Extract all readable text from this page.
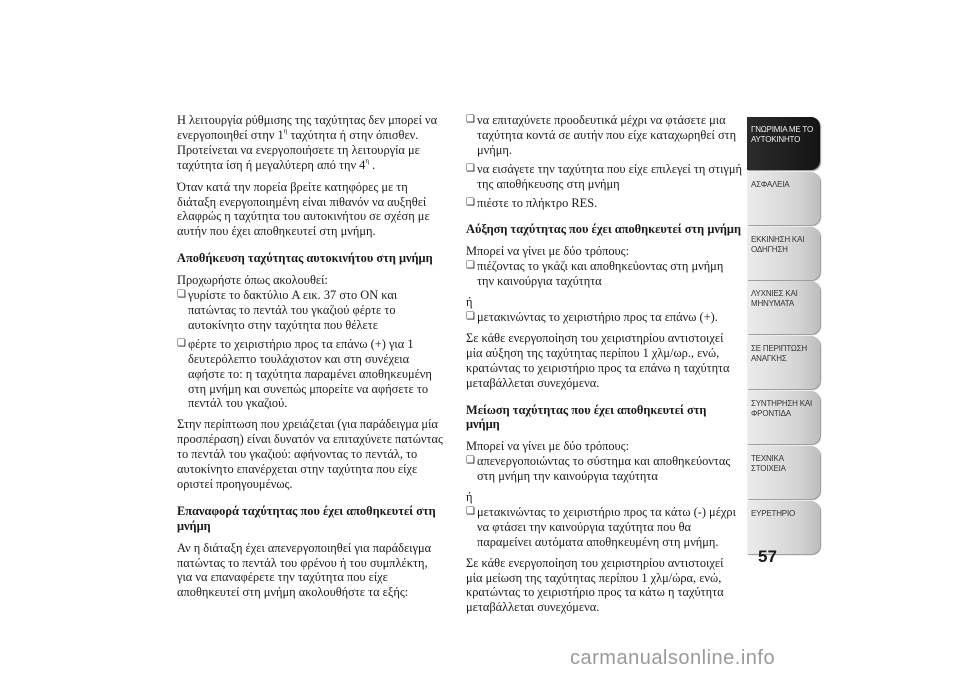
Η λειτουργία ρύθμισης της ταχύτητας δεν μπορεί να ενεργοποιηθεί στην $1^\eta$ ταχύτητα ή στην όπισθεν. Προτείνεται να ενεργοποιήσετε τη λειτουργία με ταχύτητα ίση ή μεγαλύτερη από την $4^\eta$ .

Όταν κατά την πορεία βρείτε κατηφόρες με τη διάταξη ενεργοποιημένη είναι πιθανόν να αυξηθεί ελαφρώς η ταχύτητα του αυτοκινήτου σε σχέση με αυτήν που έχει αποθηκευτεί στη μνήμη.

Αποθήκευση ταχύτητας αυτοκινήτου στη μνήμη

Προχωρήστε όπως ακολουθεί:

❏ γυρίστε το δακτύλιο A εικ. 37 στο ON και πατώντας το πεντάλ του γκαζιού φέρτε το αυτοκίνητο στην ταχύτητα που θέλετε
❏ φέρτε το χειριστήριο προς τα επάνω (+) για 1 δευτερόλεπτο τουλάχιστον και στη συνέχεια αφήστε το: η ταχύτητα παραμένει αποθηκευμένη στη μνήμη και συνεπώς μπορείτε να αφήσετε το πεντάλ του γκαζιού.

Στην περίπτωση που χρειάζεται (για παράδειγμα μία προσπέραση) είναι δυνατόν να επιταχύνετε πατώντας το πεντάλ του γκαζιού: αφήνοντας το πεντάλ, το αυτοκίνητο επανέρχεται στην ταχύτητα που είχε οριστεί προηγουμένως.

Επαναφορά ταχύτητας που έχει αποθηκευτεί στη μνήμη

Αν η διάταξη έχει απενεργοποιηθεί για παράδειγμα πατώντας το πεντάλ του φρένου ή του συμπλέκτη, για να επαναφέρετε την ταχύτητα που είχε αποθηκευτεί στη μνήμη ακολουθήστε τα εξής:

❏ να επιταχύνετε προοδευτικά μέχρι να φτάσετε μια ταχύτητα κοντά σε αυτήν που είχε καταχωρηθεί στη μνήμη.
❏ να εισάγετε την ταχύτητα που είχε επιλεγεί τη στιγμή της αποθήκευσης στη μνήμη
❏ πιέστε το πλήκτρο RES.
Αύξηση ταχύτητας που έχει αποθηκευτεί στη μνήμη

Μπορεί να γίνει με δύο τρόπους:

❏ πιέζοντας το γκάζι και αποθηκεύοντας στη μνήμη την καινούργια ταχύτητα

ή

❏ μετακινώντας το χειριστήριο προς τα επάνω (+).

Σε κάθε ενεργοποίηση του χειριστηρίου αντιστοιχεί μία αύξηση της ταχύτητας περίπου 1 χλμ/ωρ., ενώ, κρατώντας το χειριστήριο προς τα επάνω η ταχύτητα μεταβάλλεται συνεχόμενα.

Μείωση ταχύτητας που έχει αποθηκευτεί στη μνήμη

Μπορεί να γίνει με δύο τρόπους:

❏ απενεργοποιώντας το σύστημα και αποθηκεύοντας στη μνήμη την καινούργια ταχύτητα

ή

❏ μετακινώντας το χειριστήριο προς τα κάτω (-) μέχρι να φτάσει την καινούργια ταχύτητα που θα παραμείνει αυτόματα αποθηκευμένη στη μνήμη.

Σε κάθε ενεργοποίηση του χειριστηρίου αντιστοιχεί μία μείωση της ταχύτητας περίπου 1 χλμ/ώρα, ενώ, κρατώντας το χειριστήριο προς τα κάτω η ταχύτητα μεταβάλλεται συνεχόμενα.

ΓΝΩΡΙΜΙΑ ΜΕ ΤΟ ΑΥΤΟΚΙΝΗΤΟ
ΑΣΦΑΛΕΙΑ
ΕΚΚΙΝΗΣΗ ΚΑΙ ΟΔΗΓΗΣΗ
ΛΥΧΝΙΕΣ ΚΑΙ ΜΗΝΥΜΑΤΑ
ΣΕ ΠΕΡΙΠΤΩΣΗ ΑΝΑΓΚΗΣ
ΣΥΝΤΗΡΗΣΗ ΚΑΙ ΦΡΟΝΤΙΔΑ
ΤΕΧΝΙΚΑ ΣΤΟΙΧΕΙΑ
ΕΥΡΕΤΗΡΙΟ
57
carmanualsonline.info
